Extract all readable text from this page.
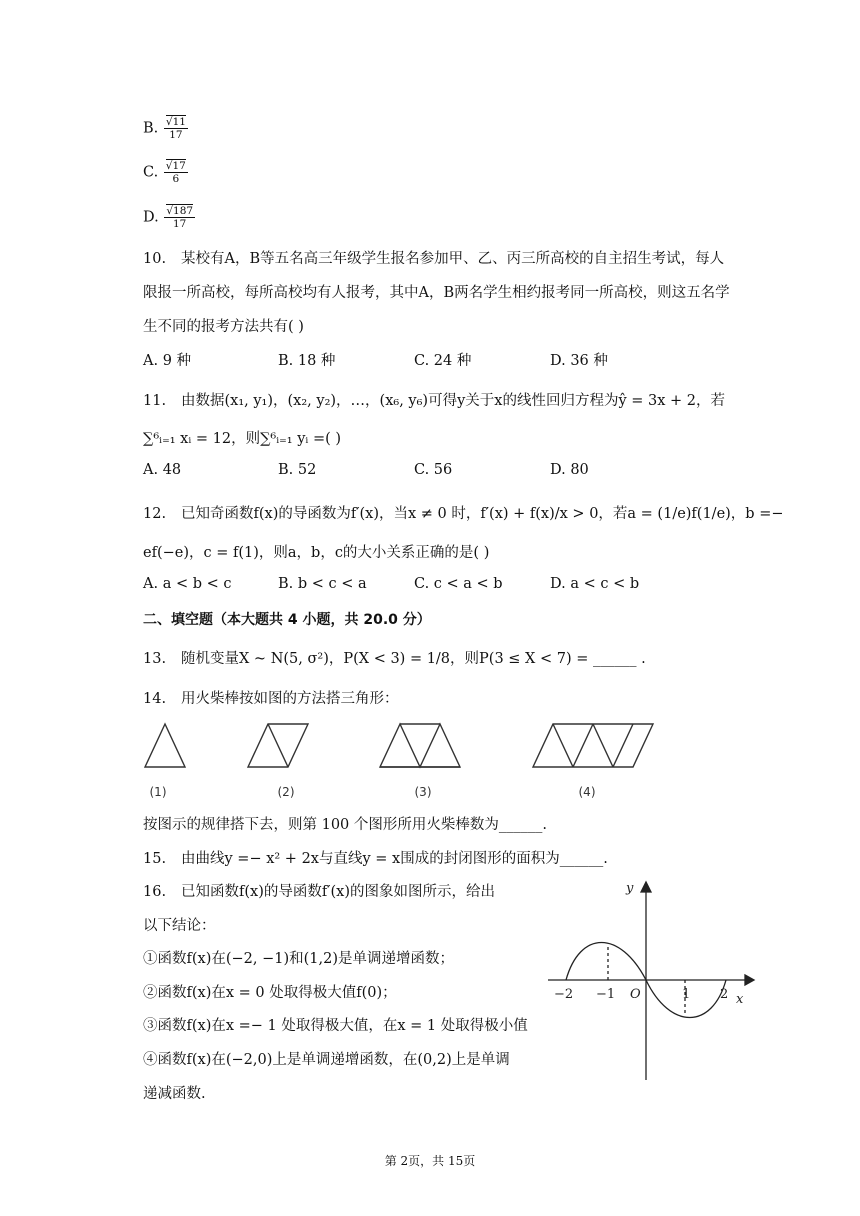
B. $\frac{√11}{17}$
C. $\frac{√17}{6}$
D. $\frac{√187}{17}$
10. 某校有A，B等五名高三年级学生报名参加甲、乙、丙三所高校的自主招生考试，每人
限报一所高校，每所高校均有人报考，其中A，B两名学生相约报考同一所高校，则这五名学
生不同的报考方法共有( )
A. 9 种	B. 18 种	C. 24 种	D. 36 种
11. 由数据(x₁, y₁)，(x₂, y₂)，…，(x₆, y₆)可得y关于x的线性回归方程为ŷ = 3x + 2，若
∑⁶ᵢ₌₁ xᵢ = 12，则∑⁶ᵢ₌₁ yᵢ =( )
A. 48	B. 52	C. 56	D. 80
12. 已知奇函数f(x)的导函数为f′(x)，当x ≠ 0 时，f′(x) + f(x)/x > 0，若a = (1/e)f(1/e)，b =−
ef(−e)，c = f(1)，则a，b，c的大小关系正确的是( )
A. a < b < c	B. b < c < a	C. c < a < b	D. a < c < b
二、填空题（本大题共 4 小题，共 20.0 分）
13. 随机变量X ~ N(5, σ²)，P(X < 3) = 1/8，则P(3 ≤ X < 7) = ______ .
14. 用火柴棒按如图的方法搭三角形：
(1)	(2)	(3)	(4)
按图示的规律搭下去，则第 100 个图形所用火柴棒数为______.
15. 由曲线y =− x² + 2x与直线y = x围成的封闭图形的面积为______.
16. 已知函数f(x)的导函数f′(x)的图象如图所示，给出
以下结论：
①函数f(x)在(−2, −1)和(1,2)是单调递增函数；
②函数f(x)在x = 0 处取得极大值f(0)；
③函数f(x)在x =− 1 处取得极大值，在x = 1 处取得极小值
④函数f(x)在(−2,0)上是单调递增函数，在(0,2)上是单调
递减函数.
y
x
O
−2 −1	1 2
第 2页，共 15页
